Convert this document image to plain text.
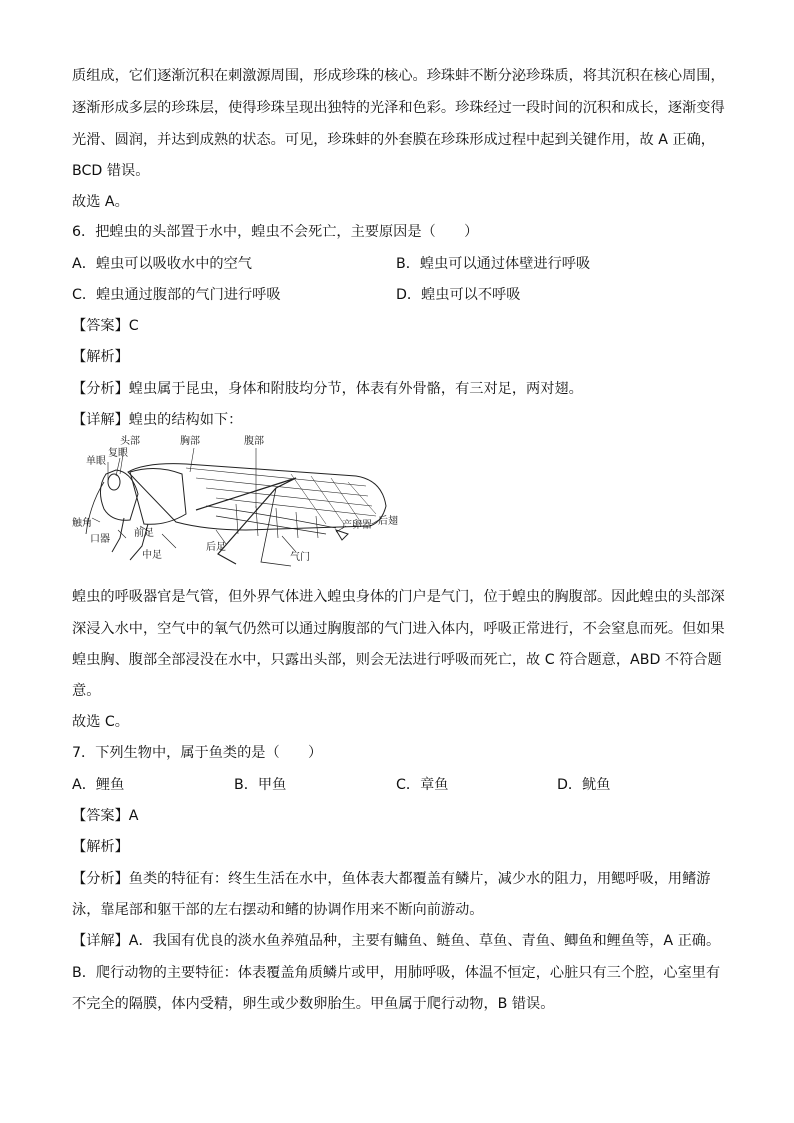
质组成，它们逐渐沉积在刺激源周围，形成珍珠的核心。珍珠蚌不断分泌珍珠质，将其沉积在核心周围，
逐渐形成多层的珍珠层，使得珍珠呈现出独特的光泽和色彩。珍珠经过一段时间的沉积和成长，逐渐变得
光滑、圆润，并达到成熟的状态。可见，珍珠蚌的外套膜在珍珠形成过程中起到关键作用，故 A 正确，
BCD 错误。
故选 A。
6．把蝗虫的头部置于水中，蝗虫不会死亡，主要原因是（　　）
A．蝗虫可以吸收水中的空气	B．蝗虫可以通过体壁进行呼吸
C．蝗虫通过腹部的气门进行呼吸	D．蝗虫可以不呼吸
【答案】C
【解析】
【分析】蝗虫属于昆虫，身体和附肢均分节，体表有外骨骼，有三对足，两对翅。
【详解】蝗虫的结构如下：
头部	胸部	腹部
复眼
单眼
触角
口器
前足
中足
后足
气门
产卵器 后翅
蝗虫的呼吸器官是气管，但外界气体进入蝗虫身体的门户是气门，位于蝗虫的胸腹部。因此蝗虫的头部深
深浸入水中，空气中的氧气仍然可以通过胸腹部的气门进入体内，呼吸正常进行，不会窒息而死。但如果
蝗虫胸、腹部全部浸没在水中，只露出头部，则会无法进行呼吸而死亡，故 C 符合题意，ABD 不符合题
意。
故选 C。
7．下列生物中，属于鱼类的是（　　）
A．鲤鱼	B．甲鱼	C．章鱼	D．鱿鱼
【答案】A
【解析】
【分析】鱼类的特征有：终生生活在水中，鱼体表大都覆盖有鳞片，减少水的阻力，用鳃呼吸，用鳍游
泳，靠尾部和躯干部的左右摆动和鳍的协调作用来不断向前游动。
【详解】A．我国有优良的淡水鱼养殖品种，主要有鳙鱼、鲢鱼、草鱼、青鱼、鲫鱼和鲤鱼等，A 正确。
B．爬行动物的主要特征：体表覆盖角质鳞片或甲，用肺呼吸，体温不恒定，心脏只有三个腔，心室里有
不完全的隔膜，体内受精，卵生或少数卵胎生。甲鱼属于爬行动物，B 错误。
